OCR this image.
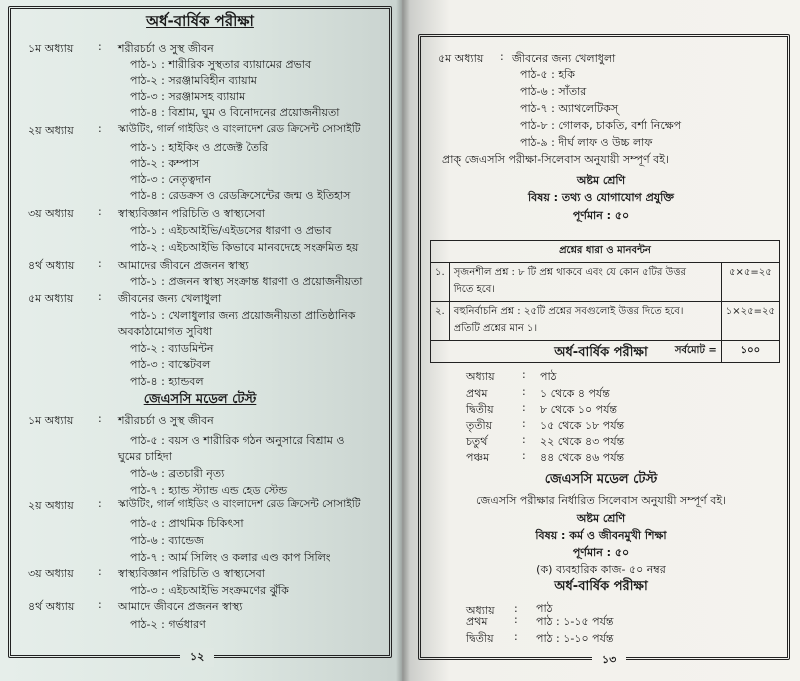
অর্ধ-বার্ষিক পরীক্ষা
১ম অধ্যায় : শরীরচর্চা ও সুস্থ জীবন
পাঠ-১ : শারীরিক সুস্থতার ব্যায়ামের প্রভাব
পাঠ-২ : সরঞ্জামবিহীন ব্যায়াম
পাঠ-৩ : সরঞ্জামসহ ব্যায়াম
পাঠ-৪ : বিশ্রাম, ঘুম ও বিনোদনের প্রয়োজনীয়তা
২য় অধ্যায় : স্কাউটিং, গার্ল গাইডিং ও বাংলাদেশ রেড ক্রিসেন্ট সোসাইটি
পাঠ-১ : হাইকিং ও প্রজেক্ট তৈরি
পাঠ-২ : কম্পাস
পাঠ-৩ : নেতৃত্বদান
পাঠ-৪ : রেডক্রস ও রেডক্রিসেন্টের জন্ম ও ইতিহাস
৩য় অধ্যায় : স্বাস্থ্যবিজ্ঞান পরিচিতি ও স্বাস্থ্যসেবা
পাঠ-১ : এইচআইভি/এইডসের ধারণা ও প্রভাব
পাঠ-২ : এইচআইভি কিভাবে মানবদেহে সংক্রমিত হয়
৪র্থ অধ্যায় : আমাদের জীবনে প্রজনন স্বাস্থ্য
পাঠ-১ : প্রজনন স্বাস্থ্য সংক্রান্ত ধারণা ও প্রয়োজনীয়তা
৫ম অধ্যায় : জীবনের জন্য খেলাধুলা
পাঠ-১ : খেলাধুলার জন্য প্রয়োজনীয়তা প্রাতিষ্ঠানিক
অবকাঠামোগত সুবিধা
পাঠ-২ : ব্যাডমিন্টন
পাঠ-৩ : বাস্কেটবল
পাঠ-৪ : হ্যান্ডবল
জেএসসি মডেল টেস্ট
১ম অধ্যায় : শরীরচর্চা ও সুস্থ জীবন
পাঠ-৫ : বয়স ও শারীরিক গঠন অনুসারে বিশ্রাম ও
ঘুমের চাহিদা
পাঠ-৬ : ব্রতচারী নৃত্য
পাঠ-৭ : হ্যান্ড স্ট্যান্ড এন্ড হেড স্টেন্ড
২য় অধ্যায় : স্কাউটিং, গার্ল গাইডিং ও বাংলাদেশ রেড ক্রিসেন্ট সোসাইটি
পাঠ-৫ : প্রাথমিক চিকিৎসা
পাঠ-৬ : ব্যান্ডেজ
পাঠ-৭ : আর্ম সিলিং ও কলার এণ্ড কাপ সিলিং
৩য় অধ্যায় : স্বাস্থ্যবিজ্ঞান পরিচিতি ও স্বাস্থ্যসেবা
পাঠ-৩ : এইচআইভি সংক্রমণের ঝুঁকি
৪র্থ অধ্যায় : আমাদে জীবনে প্রজনন স্বাস্থ্য
পাঠ-২ : গর্ভধারণ
১২
৫ম অধ্যায় : জীবনের জন্য খেলাধুলা
পাঠ-৫ : হকি
পাঠ-৬ : সাঁতার
পাঠ-৭ : অ্যাথলেটিকস্
পাঠ-৮ : গোলক, চাকতি, বর্শা নিক্ষেপ
পাঠ-৯ : দীর্ঘ লাফ ও উচ্চ লাফ
প্রাক্ জেএসসি পরীক্ষা-সিলেবাস অনুযায়ী সম্পূর্ণ বই।
অষ্টম শ্রেণি
বিষয় : তথ্য ও যোগাযোগ প্রযুক্তি
পূর্ণমান : ৫০
প্রশ্নের ধারা ও মানবন্টন		
১.	সৃজনশীল প্রশ্ন : ৮ টি প্রশ্ন থাকবে এবং যে কোন ৫টির উত্তর
দিতে হবে।	৫×৫=২৫
২.	বহুনির্বাচনি প্রশ্ন : ২৫টি প্রশ্নের সবগুলোই উত্তর দিতে হবে।
প্রতিটি প্রশ্নের মান ১।	১×২৫=২৫
সর্বমোট =		১০০
অর্ধ-বার্ষিক পরীক্ষা
অধ্যায় : পাঠ
প্রথম	: ১ থেকে ৪ পর্যন্ত
দ্বিতীয়	: ৮ থেকে ১০ পর্যন্ত
তৃতীয়	: ১৫ থেকে ১৮ পর্যন্ত
চতুর্থ	: ২২ থেকে ৪৩ পর্যন্ত
পঞ্চম	: ৪৪ থেকে ৪৬ পর্যন্ত
জেএসসি মডেল টেস্ট
জেএসসি পরীক্ষার নির্ধারিত সিলেবাস অনুযায়ী সম্পূর্ণ বই।
অষ্টম শ্রেণি
বিষয় : কর্ম ও জীবনমুখী শিক্ষা
পূর্ণমান : ৫০
(ক) ব্যবহারিক কাজ- ৫০ নম্বর
অর্ধ-বার্ষিক পরীক্ষা
অধ্যায় : পাঠ
প্রথম : পাঠ : ১-১৫ পর্যন্ত
দ্বিতীয় : পাঠ : ১-১০ পর্যন্ত
১৩
